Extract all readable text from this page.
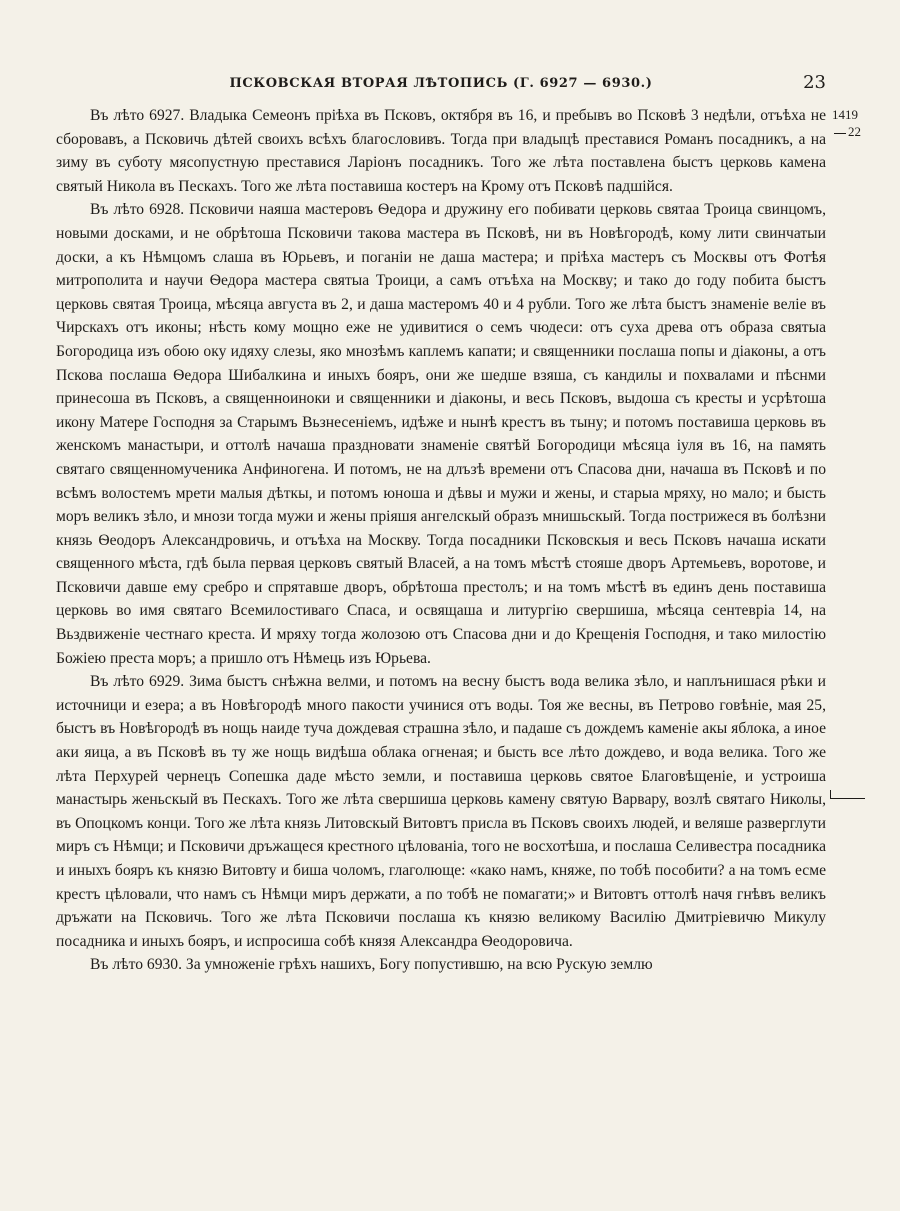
ПСКОВСКАЯ ВТОРАЯ ЛѢТОПИСЬ (Г. 6927 — 6930.)	23
1419
22

Въ лѣто 6927. Владыка Семеонъ пріѣха въ Псковъ, октября въ 16, и пребывъ во Псковѣ 3 недѣли, отъѣха не сборовавъ, а Псковичь дѣтей своихъ всѣхъ благословивъ. Тогда при владыцѣ преставися Романъ посадникъ, а на зиму въ суботу мясопустную преставися Ларіонъ посадникъ. Того же лѣта поставлена быстъ церковь камена святый Никола въ Пескахъ. Того же лѣта поставиша костеръ на Крому отъ Псковѣ падшійся.

Въ лѣто 6928. Псковичи наяша мастеровъ Ѳедора и дружину его побивати церковь святаа Троица свинцомъ, новыми досками, и не обрѣтоша Псковичи такова мастера въ Псковѣ, ни въ Новѣгородѣ, кому лити свинчатыи доски, а къ Нѣмцомъ слаша въ Юрьевъ, и поганіи не даша мастера; и пріѣха мастеръ съ Москвы отъ Фотѣя митрополита и научи Ѳедора мастера святыа Троици, а самъ отъѣха на Москву; и тако до году побита быстъ церковь святая Троица, мѣсяца августа въ 2, и даша мастеромъ 40 и 4 рубли. Того же лѣта быстъ знаменіе веліе въ Чирскахъ отъ иконы; нѣсть кому мощно еже не удивитися о семъ чюдеси: отъ суха древа отъ образа святыа Богородица изъ обою оку идяху слезы, яко мнозѣмъ каплемъ капати; и священники послаша попы и діаконы, а отъ Пскова послаша Ѳедора Шибалкина и иныхъ бояръ, они же шедше взяша, съ кандилы и похвалами и пѣснми принесоша въ Псковъ, а священноиноки и священники и діаконы, и весь Псковъ, выдоша съ кресты и усрѣтоша икону Матере Господня за Старымъ Вьзнесеніемъ, идѣже и нынѣ крестъ въ тыну; и потомъ поставиша церковь въ женскомъ манастыри, и оттолѣ начаша праздновати знаменіе святѣй Богородици мѣсяца іуля въ 16, на память святаго священномученика Анфиногена. И потомъ, не на длъзѣ времени отъ Спасова дни, начаша въ Псковѣ и по всѣмъ волостемъ мрети малыя дѣткы, и потомъ юноша и дѣвы и мужи и жены, и старыа мряху, но мало; и бысть моръ великъ зѣло, и мнози тогда мужи и жены пріяшя ангелскый образъ мнишьскый. Тогда пострижеся въ болѣзни князь Ѳеодоръ Александровичь, и отъѣха на Москву. Тогда посадники Псковскыя и весь Псковъ начаша искати священного мѣста, гдѣ была первая церковъ святый Власей, а на томъ мѣстѣ стояше дворъ Артемьевъ, воротове, и Псковичи давше ему сребро и спрятавше дворъ, обрѣтоша престолъ; и на томъ мѣстѣ въ единъ день поставиша церковь во имя святаго Всемилостиваго Спаса, и освящаша и литургію свершиша, мѣсяца сентевріа 14, на Вьздвиженіе честнаго креста. И мряху тогда жолозою отъ Спасова дни и до Крещенія Господня, и тако милостію Божіею преста моръ; а пришло отъ Нѣмець изъ Юрьева.

Въ лѣто 6929. Зима быстъ снѣжна велми, и потомъ на весну быстъ вода велика зѣло, и наплънишася рѣки и источници и езера; а въ Новѣгородѣ много пакости учинися отъ воды. Тоя же весны, въ Петрово говѣніе, мая 25, быстъ въ Новѣгородѣ въ нощь наиде туча дождевая страшна зѣло, и падаше съ дождемъ каменіе акы яблока, а иное аки яица, а въ Псковѣ въ ту же нощь видѣша облака огненая; и бысть все лѣто дождево, и вода велика. Того же лѣта Перхурей чернецъ Сопешка даде мѣсто земли, и поставиша церковь святое Благовѣщеніе, и устроиша манастырь женьскый въ Пескахъ. Того же лѣта свершиша церковь камену святую Варвару, возлѣ святаго Николы, въ Опоцкомъ конци. Того же лѣта князь Литовскый Витовтъ присла въ Псковъ своихъ людей, и веляше разверглути миръ съ Нѣмци; и Псковичи дръжащеся крестного цѣлованіа, того не восхотѣша, и послаша Селивестра посадника и иныхъ бояръ къ князю Витовту и биша чоломъ, глаголюще: «како намъ, княже, по тобѣ пособити? а на томъ есме крестъ цѣловали, что намъ съ Нѣмци миръ держати, а по тобѣ не помагати;» и Витовтъ оттолѣ начя гнѣвъ великъ дръжати на Псковичь. Того же лѣта Псковичи послаша къ князю великому Василію Дмитріевичю Микулу посадника и иныхъ бояръ, и испросиша собѣ князя Александра Ѳеодоровича.

Въ лѣто 6930. За умноженіе грѣхъ нашихъ, Богу попустившю, на всю Рускую землю
